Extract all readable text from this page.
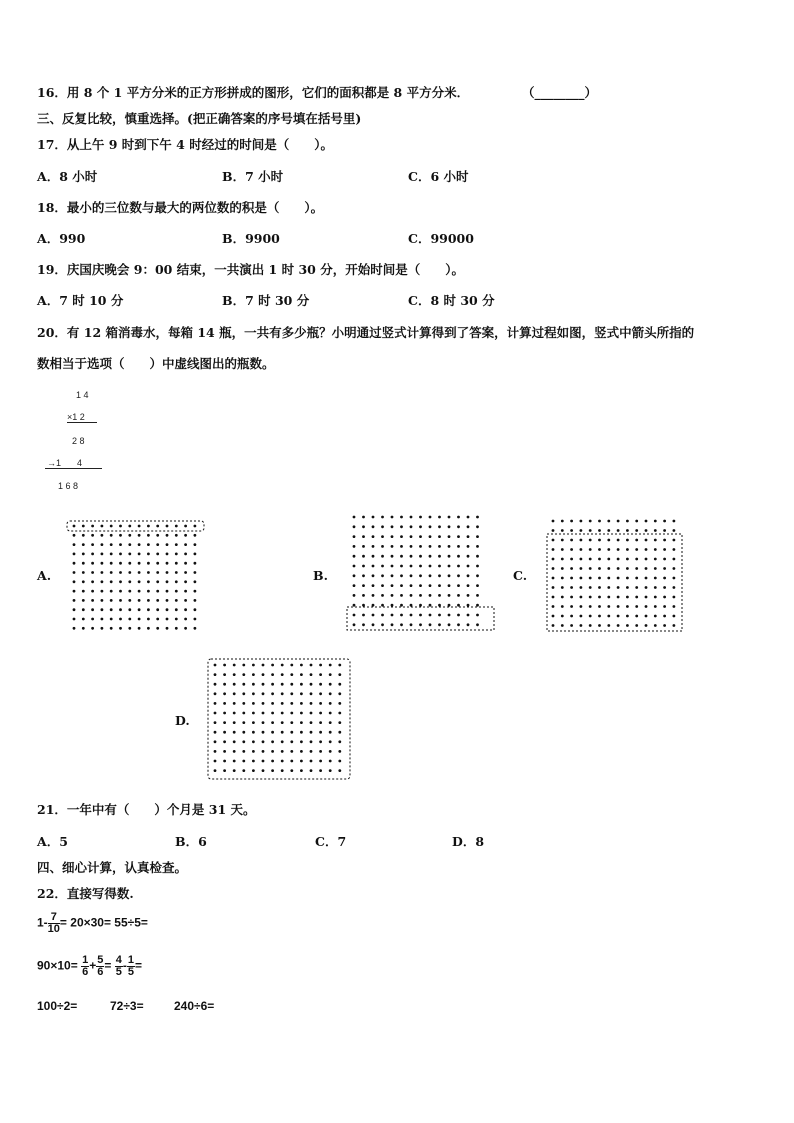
16．用 8 个 1 平方分米的正方形拼成的图形，它们的面积都是 8 平方分米．	（________）
三、反复比较，慎重选择。(把正确答案的序号填在括号里)
17．从上午 9 时到下午 4 时经过的时间是（　　）。
A．8 小时	B．7 小时	C．6 小时
18．最小的三位数与最大的两位数的积是（　　）。
A．990	B．9900	C．99000
19．庆国庆晚会 9：00 结束，一共演出 1 时 30 分，开始时间是（　　）。
A．7 时 10 分	B．7 时 30 分	C．8 时 30 分
20．有 12 箱消毒水，每箱 14 瓶，一共有多少瓶？小明通过竖式计算得到了答案，计算过程如图，竖式中箭头所指的
数相当于选项（　　）中虚线图出的瓶数。
1 4
×1 2
2 8
→1 4
1 6 8
A.	B.	C.
D.
21．一年中有（　　）个月是 31 天。
A．5	B．6	C．7	D．8
四、细心计算，认真检查。
22．直接写得数.
$1- \frac{7}{10} = 20\times 30= 55\div 5=$
$90\times 10= \frac{1}{6} + \frac{5}{6} = \frac{4}{5} - \frac{1}{5}$ =
100÷2=	72÷3=	240÷6=
